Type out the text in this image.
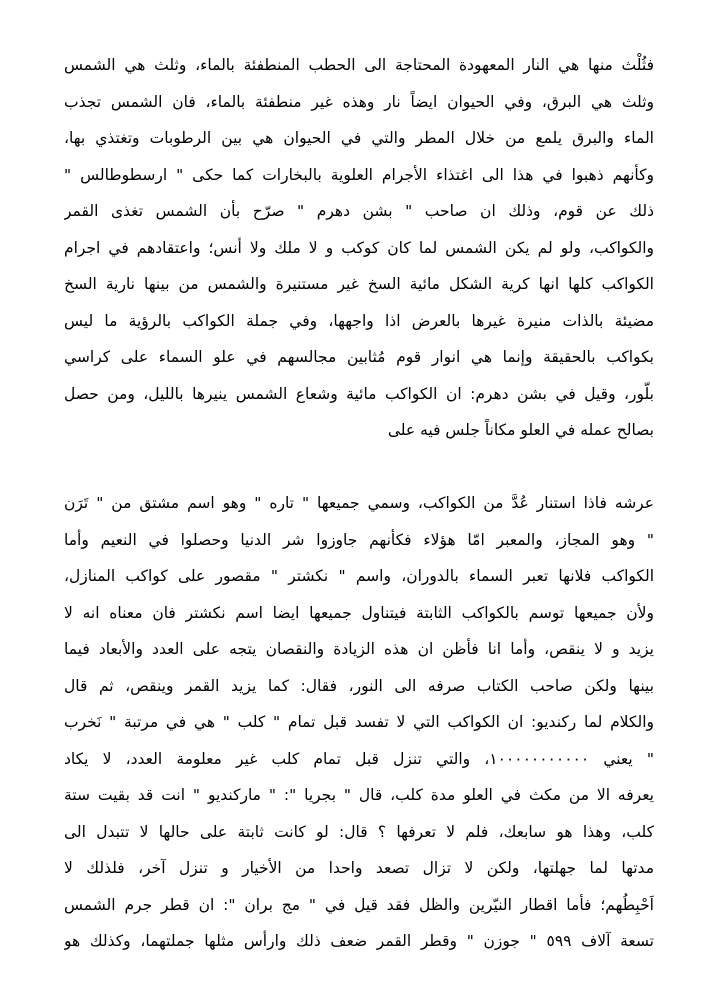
فثُلْث منها هي النار المعهودة المحتاجة الى الحطب المنطفئة بالماء، وثلث هي الشمس
وثلث هي البرق، وفي الحيوان ايضاً نار وهذه غير منطفئة بالماء، فان الشمس تجذب
الماء والبرق يلمع من خلال المطر والتي في الحيوان هي بين الرطوبات وتغتذي بها،
وكأنهم ذهبوا في هذا الى اغتذاء الأجرام العلوية بالبخارات كما حكى " ارسطوطالس "
ذلك عن قوم، وذلك ان صاحب " بشن دهرم " صرّح بأن الشمس تغذى القمر
والكواكب، ولو لم يكن الشمس لما كان كوكب و لا ملك ولا أنس؛ واعتقادهم في اجرام
الكواكب كلها انها كرية الشكل مائية السخ غير مستنيرة والشمس من بينها نارية السخ
مضيئة بالذات منيرة غيرها بالعرض اذا واجهها، وفي جملة الكواكب بالرؤية ما ليس
بكواكب بالحقيقة وإنما هي انوار قوم مُثابين مجالسهم في علو السماء على كراسي
بلّور، وقيل في بشن دهرم: ان الكواكب مائية وشعاع الشمس ينيرها بالليل، ومن حصل
بصالح عمله في العلو مكاناً جلس فيه على
عرشه فاذا استنار عُدَّ من الكواكب، وسمي جميعها " تاره " وهو اسم مشتق من " تَرَن
" وهو المجاز، والمعبر امّا هؤلاء فكأنهم جاوزوا شر الدنيا وحصلوا في النعيم وأما
الكواكب فلانها تعبر السماء بالدوران، واسم " نكشتر " مقصور على كواكب المنازل،
ولأن جميعها توسم بالكواكب الثابتة فيتناول جميعها ايضا اسم نكشتر فان معناه انه لا
يزيد و لا ينقص، وأما انا فأظن ان هذه الزيادة والنقصان يتجه على العدد والأبعاد فيما
بينها ولكن صاحب الكتاب صرفه الى النور، فقال: كما يزيد القمر وينقص، ثم قال
والكلام لما ركنديو: ان الكواكب التي لا تفسد قبل تمام " كلب " هي في مرتبة " نَخرب
" يعني ١٠٠٠٠٠٠٠٠٠٠٠، والتي تنزل قبل تمام كلب غير معلومة العدد، لا يكاد
يعرفه الا من مكث في العلو مدة كلب، قال " بجريا ": " ماركنديو " انت قد بقيت ستة
كلب، وهذا هو سابعك، فلم لا تعرفها ؟ قال: لو كانت ثابتة على حالها لا تتبدل الى
مدتها لما جهلتها، ولكن لا تزال تصعد واحدا من الأخيار و تنزل آخر، فلذلك لا
اَحْبِطُهم؛ فأما اقطار النيّرين والظل فقد قيل في " مج بران ": ان قطر جرم الشمس
تسعة آلاف ٥٩٩ " جوزن " وقطر القمر ضعف ذلك وارأس مثلها جملتهما، وكذلك هو
